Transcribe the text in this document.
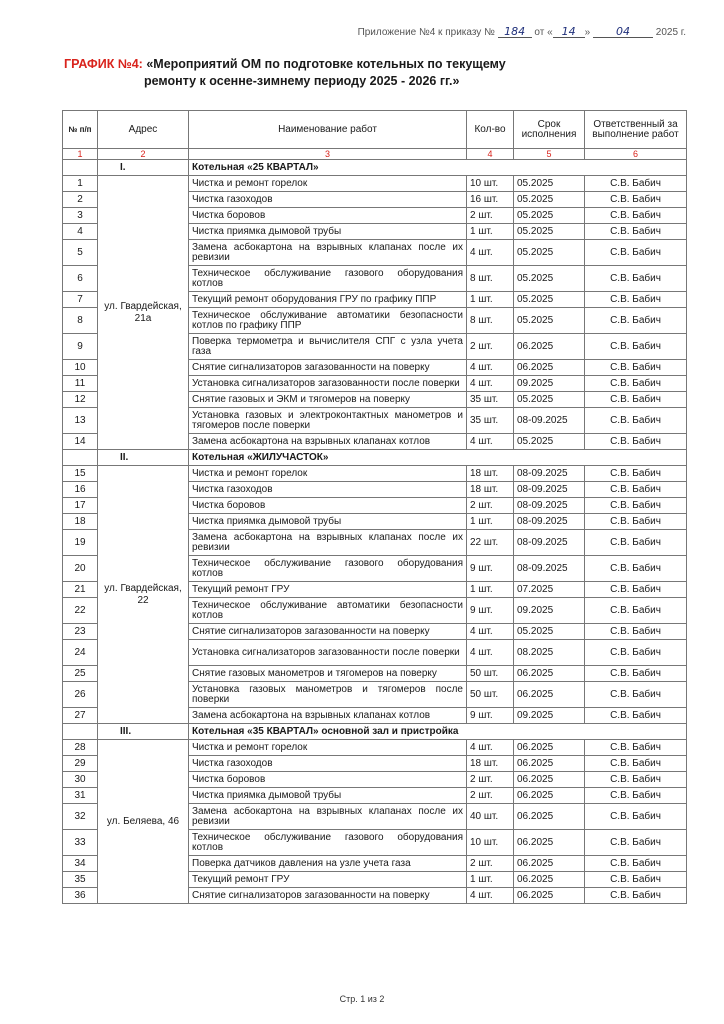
Приложение №4 к приказу № 184 от « 14 » 04	2025 г.
ГРАФИК №4: «Мероприятий ОМ по подготовке котельных по текущему
ремонту к осенне-зимнему периоду 2025 - 2026 гг.»
№ п/п	Адрес	Наименование работ	Кол-во	Срок исполнения	Ответственный за выполнение работ
1	2	3	4	5	6
	I.	Котельная «25 КВАРТАЛ»			
1	ул. Гвардейская, 21а	Чистка и ремонт горелок	10 шт.	05.2025	С.В. Бабич
2		Чистка газоходов	16 шт.	05.2025	С.В. Бабич
3		Чистка боровов	2 шт.	05.2025	С.В. Бабич
4		Чистка приямка дымовой трубы	1 шт.	05.2025	С.В. Бабич
5		Замена асбокартона на взрывных клапанах после их ревизии	4 шт.	05.2025	С.В. Бабич
6		Техническое обслуживание газового оборудования котлов	8 шт.	05.2025	С.В. Бабич
7		Текущий ремонт оборудования ГРУ по графику ППР	1 шт.	05.2025	С.В. Бабич
8		Техническое обслуживание автоматики безопасности котлов по графику ППР	8 шт.	05.2025	С.В. Бабич
9		Поверка термометра и вычислителя СПГ с узла учета газа	2 шт.	06.2025	С.В. Бабич
10		Снятие сигнализаторов загазованности на поверку	4 шт.	06.2025	С.В. Бабич
11		Установка сигнализаторов загазованности после поверки	4 шт.	09.2025	С.В. Бабич
12		Снятие газовых и ЭКМ и тягомеров на поверку	35 шт.	05.2025	С.В. Бабич
13		Установка газовых и электроконтактных манометров и тягомеров после поверки	35 шт.	08-09.2025	С.В. Бабич
14		Замена асбокартона на взрывных клапанах котлов	4 шт.	05.2025	С.В. Бабич
	II.	Котельная «ЖИЛУЧАСТОК»			
15	ул. Гвардейская, 22	Чистка и ремонт горелок	18 шт.	08-09.2025	С.В. Бабич
16		Чистка газоходов	18 шт.	08-09.2025	С.В. Бабич
17		Чистка боровов	2 шт.	08-09.2025	С.В. Бабич
18		Чистка приямка дымовой трубы	1 шт.	08-09.2025	С.В. Бабич
19		Замена асбокартона на взрывных клапанах после их ревизии	22 шт.	08-09.2025	С.В. Бабич
20		Техническое обслуживание газового оборудования котлов	9 шт.	08-09.2025	С.В. Бабич
21		Текущий ремонт ГРУ	1 шт.	07.2025	С.В. Бабич
22		Техническое обслуживание автоматики безопасности котлов	9 шт.	09.2025	С.В. Бабич
23		Снятие сигнализаторов загазованности на поверку	4 шт.	05.2025	С.В. Бабич
24		Установка сигнализаторов загазованности после поверки	4 шт.	08.2025	С.В. Бабич
25		Снятие газовых манометров и тягомеров на поверку	50 шт.	06.2025	С.В. Бабич
26		Установка газовых манометров и тягомеров после поверки	50 шт.	06.2025	С.В. Бабич
27		Замена асбокартона на взрывных клапанах котлов	9 шт.	09.2025	С.В. Бабич
	III.	Котельная «35 КВАРТАЛ» основной зал и пристройка			
28	ул. Беляева, 46	Чистка и ремонт горелок	4 шт.	06.2025	С.В. Бабич
29		Чистка газоходов	18 шт.	06.2025	С.В. Бабич
30		Чистка боровов	2 шт.	06.2025	С.В. Бабич
31		Чистка приямка дымовой трубы	2 шт.	06.2025	С.В. Бабич
32		Замена асбокартона на взрывных клапанах после их ревизии	40 шт.	06.2025	С.В. Бабич
33		Техническое обслуживание газового оборудования котлов	10 шт.	06.2025	С.В. Бабич
34		Поверка датчиков давления на узле учета газа	2 шт.	06.2025	С.В. Бабич
35		Текущий ремонт ГРУ	1 шт.	06.2025	С.В. Бабич
36		Снятие сигнализаторов загазованности на поверку	4 шт.	06.2025	С.В. Бабич
Стр. 1 из 2
